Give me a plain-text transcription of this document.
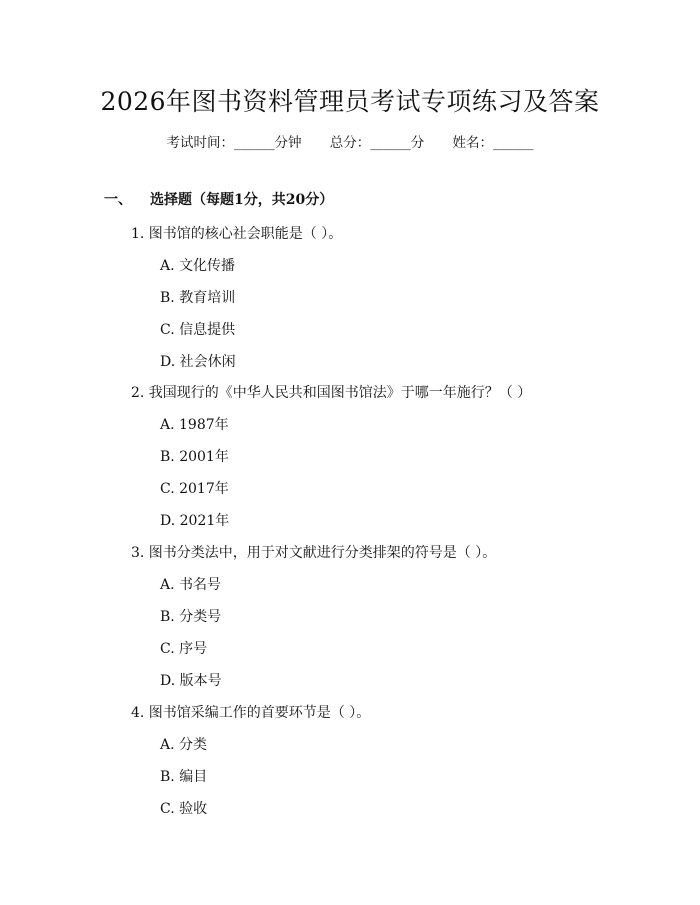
2026年图书资料管理员考试专项练习及答案
考试时间：______分钟 总分：______分 姓名：______
一、 选择题（每题1分，共20分）
1. 图书馆的核心社会职能是（ ）。
A. 文化传播
B. 教育培训
C. 信息提供
D. 社会休闲
2. 我国现行的《中华人民共和国图书馆法》于哪一年施行？（ ）
A. 1987年
B. 2001年
C. 2017年
D. 2021年
3. 图书分类法中，用于对文献进行分类排架的符号是（ ）。
A. 书名号
B. 分类号
C. 序号
D. 版本号
4. 图书馆采编工作的首要环节是（ ）。
A. 分类
B. 编目
C. 验收
